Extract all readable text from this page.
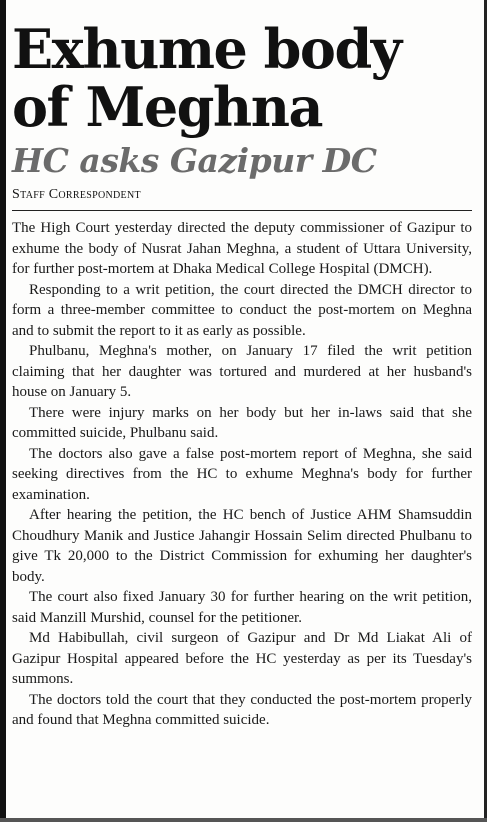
Exhume body of Meghna
HC asks Gazipur DC
Staff Correspondent

The High Court yesterday directed the deputy commissioner of Gazipur to exhume the body of Nusrat Jahan Meghna, a student of Uttara University, for further post-mortem at Dhaka Medical College Hospital (DMCH).

Responding to a writ petition, the court directed the DMCH director to form a three-member committee to conduct the post-mortem on Meghna and to submit the report to it as early as possible.

Phulbanu, Meghna's mother, on January 17 filed the writ petition claiming that her daughter was tortured and murdered at her husband's house on January 5.

There were injury marks on her body but her in-laws said that she committed suicide, Phulbanu said.

The doctors also gave a false post-mortem report of Meghna, she said seeking directives from the HC to exhume Meghna's body for further examination.

After hearing the petition, the HC bench of Justice AHM Shamsuddin Choudhury Manik and Justice Jahangir Hossain Selim directed Phulbanu to give Tk 20,000 to the District Commission for exhuming her daughter's body.

The court also fixed January 30 for further hearing on the writ petition, said Manzill Murshid, counsel for the petitioner.

Md Habibullah, civil surgeon of Gazipur and Dr Md Liakat Ali of Gazipur Hospital appeared before the HC yesterday as per its Tuesday's summons.

The doctors told the court that they conducted the post-mortem properly and found that Meghna committed suicide.
